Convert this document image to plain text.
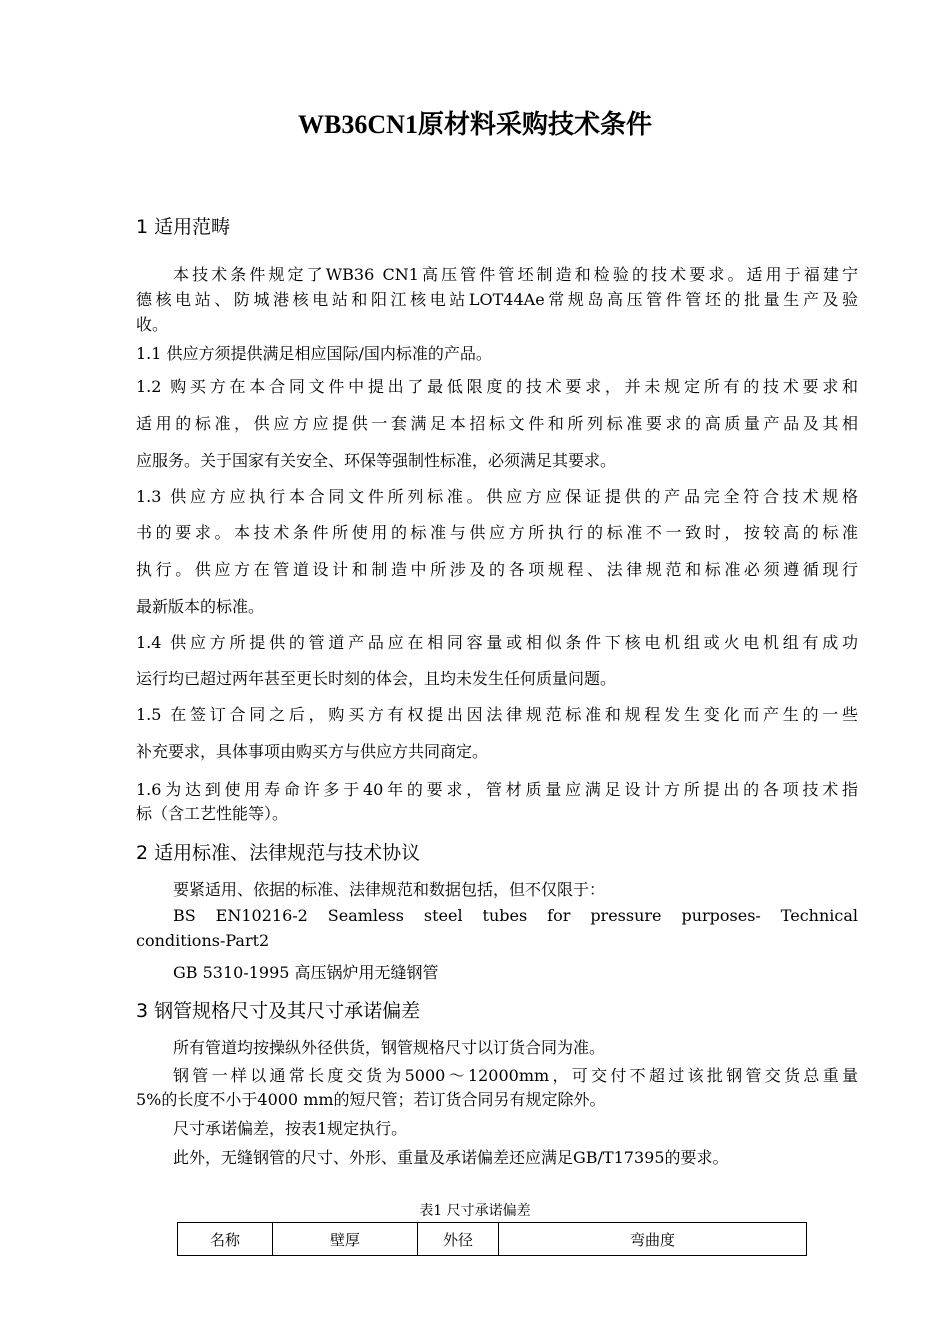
WB36CN1原材料采购技术条件
1 适用范畴
本技术条件规定了WB36 CN1高压管件管坯制造和检验的技术要求。适用于福建宁
德核电站、防城港核电站和阳江核电站LOT44Ae常规岛高压管件管坯的批量生产及验
收。
1.1 供应方须提供满足相应国际/国内标准的产品。
1.2 购买方在本合同文件中提出了最低限度的技术要求，并未规定所有的技术要求和
适用的标准，供应方应提供一套满足本招标文件和所列标准要求的高质量产品及其相
应服务。关于国家有关安全、环保等强制性标准，必须满足其要求。
1.3 供应方应执行本合同文件所列标准。供应方应保证提供的产品完全符合技术规格
书的要求。本技术条件所使用的标准与供应方所执行的标准不一致时，按较高的标准
执行。供应方在管道设计和制造中所涉及的各项规程、法律规范和标准必须遵循现行
最新版本的标准。
1.4 供应方所提供的管道产品应在相同容量或相似条件下核电机组或火电机组有成功
运行均已超过两年甚至更长时刻的体会，且均未发生任何质量问题。
1.5 在签订合同之后，购买方有权提出因法律规范标准和规程发生变化而产生的一些
补充要求，具体事项由购买方与供应方共同商定。
1.6为达到使用寿命许多于40年的要求，管材质量应满足设计方所提出的各项技术指
标（含工艺性能等）。
2 适用标准、法律规范与技术协议
要紧适用、依据的标准、法律规范和数据包括，但不仅限于：
BS EN10216-2 Seamless steel tubes for pressure purposes- Technical
conditions-Part2
GB 5310-1995 高压锅炉用无缝钢管
3 钢管规格尺寸及其尺寸承诺偏差
所有管道均按操纵外径供货，钢管规格尺寸以订货合同为准。
钢管一样以通常长度交货为5000～12000mm，可交付不超过该批钢管交货总重量
5%的长度不小于4000 mm的短尺管；若订货合同另有规定除外。
尺寸承诺偏差，按表1规定执行。
此外，无缝钢管的尺寸、外形、重量及承诺偏差还应满足GB/T17395的要求。
表1 尺寸承诺偏差
名称	壁厚	外径	弯曲度
